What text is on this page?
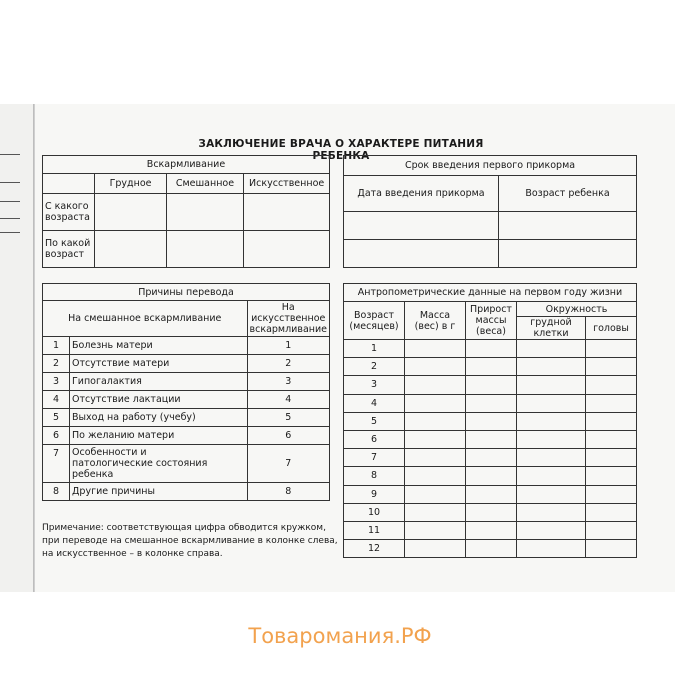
ЗАКЛЮЧЕНИЕ ВРАЧА О ХАРАКТЕРЕ ПИТАНИЯ РЕБЕНКА
Вскармливание			
	Грудное	Смешанное	Искусственное
С какого возраста			
По какой возраст			
Срок введения первого прикорма	
Дата введения прикорма	Возраст ребенка

Причины перевода		
На смешанное вскармливание		На искусственное вскармливание
1	Болезнь матери	1
2	Отсутствие матери	2
3	Гипогалактия	3
4	Отсутствие лактации	4
5	Выход на работу (учебу)	5
6	По желанию матери	6
7	Особенности и патологические состояния ребенка	7
8	Другие причины	8
Антропометрические данные на первом году жизни				
Возраст (месяцев)	Масса (вес) в г	Прирост массы (веса)	Окружность	
			грудной клетки	головы
1				
2				
3				
4				
5				
6				
7				
8				
9				
10				
11				
12				
Примечание: соответствующая цифра обводится кружком, при переводе на смешанное вскармливание в колонке слева, на искусственное – в колонке справа.
Товаромания.РФ
